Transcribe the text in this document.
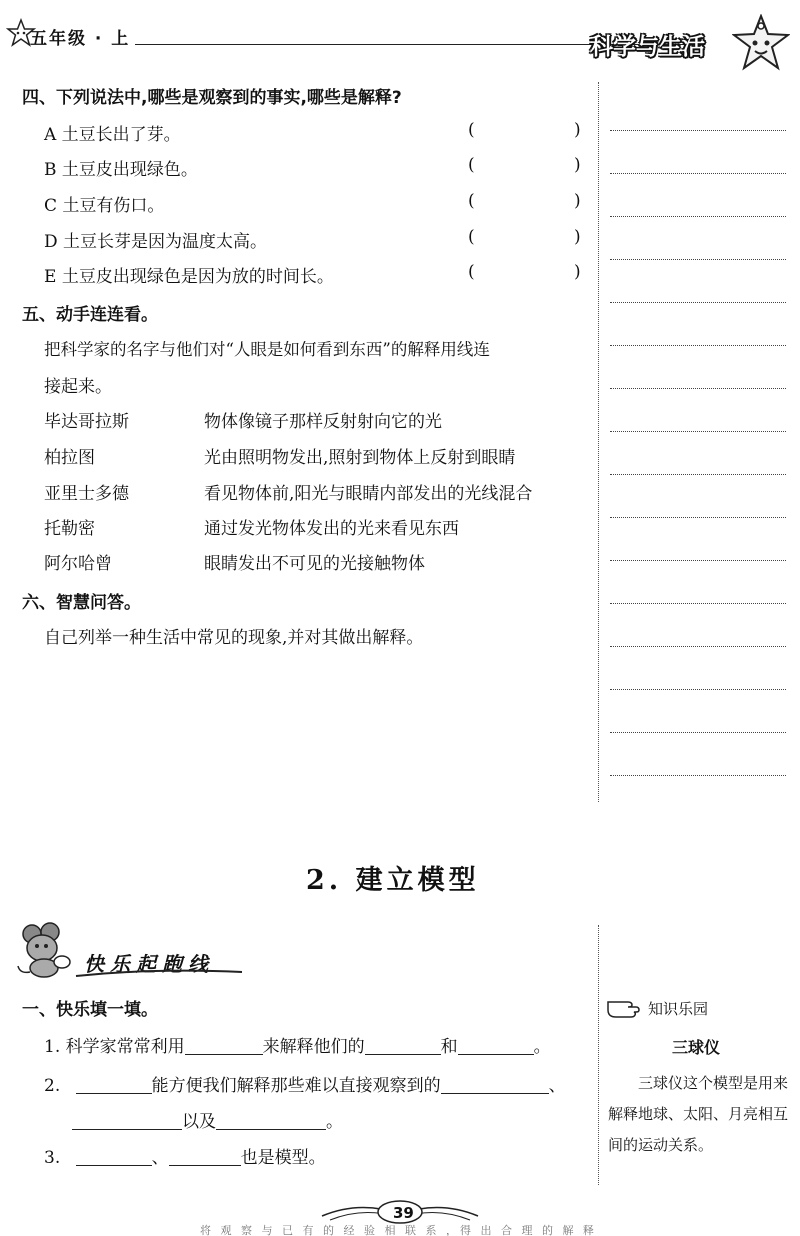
五年级 · 上	科学与生活
四、下列说法中,哪些是观察到的事实,哪些是解释?
A 土豆长出了芽。	(	)
B 土豆皮出现绿色。	(	)
C 土豆有伤口。	(	)
D 土豆长芽是因为温度太高。	(	)
E 土豆皮出现绿色是因为放的时间长。	(	)
五、动手连连看。
把科学家的名字与他们对“人眼是如何看到东西”的解释用线连
接起来。
毕达哥拉斯	物体像镜子那样反射射向它的光
柏拉图	光由照明物发出,照射到物体上反射到眼睛
亚里士多德	看见物体前,阳光与眼睛内部发出的光线混合
托勒密	通过发光物体发出的光来看见东西
阿尔哈曾	眼睛发出不可见的光接触物体
六、智慧问答。
自己列举一种生活中常见的现象,并对其做出解释。
2. 建立模型
快乐起跑线
一、快乐填一填。
1. 科学家常常利用	来解释他们的	和	。
2.	能方便我们解释那些难以直接观察到的	、
以及	。
3.	、	也是模型。
知识乐园
三球仪
三球仪这个模型是用来解释地球、太阳、月亮相互间的运动关系。
39
将 观 察 与 已 有 的 经 验 相 联 系 ，得 出 合 理 的 解 释
